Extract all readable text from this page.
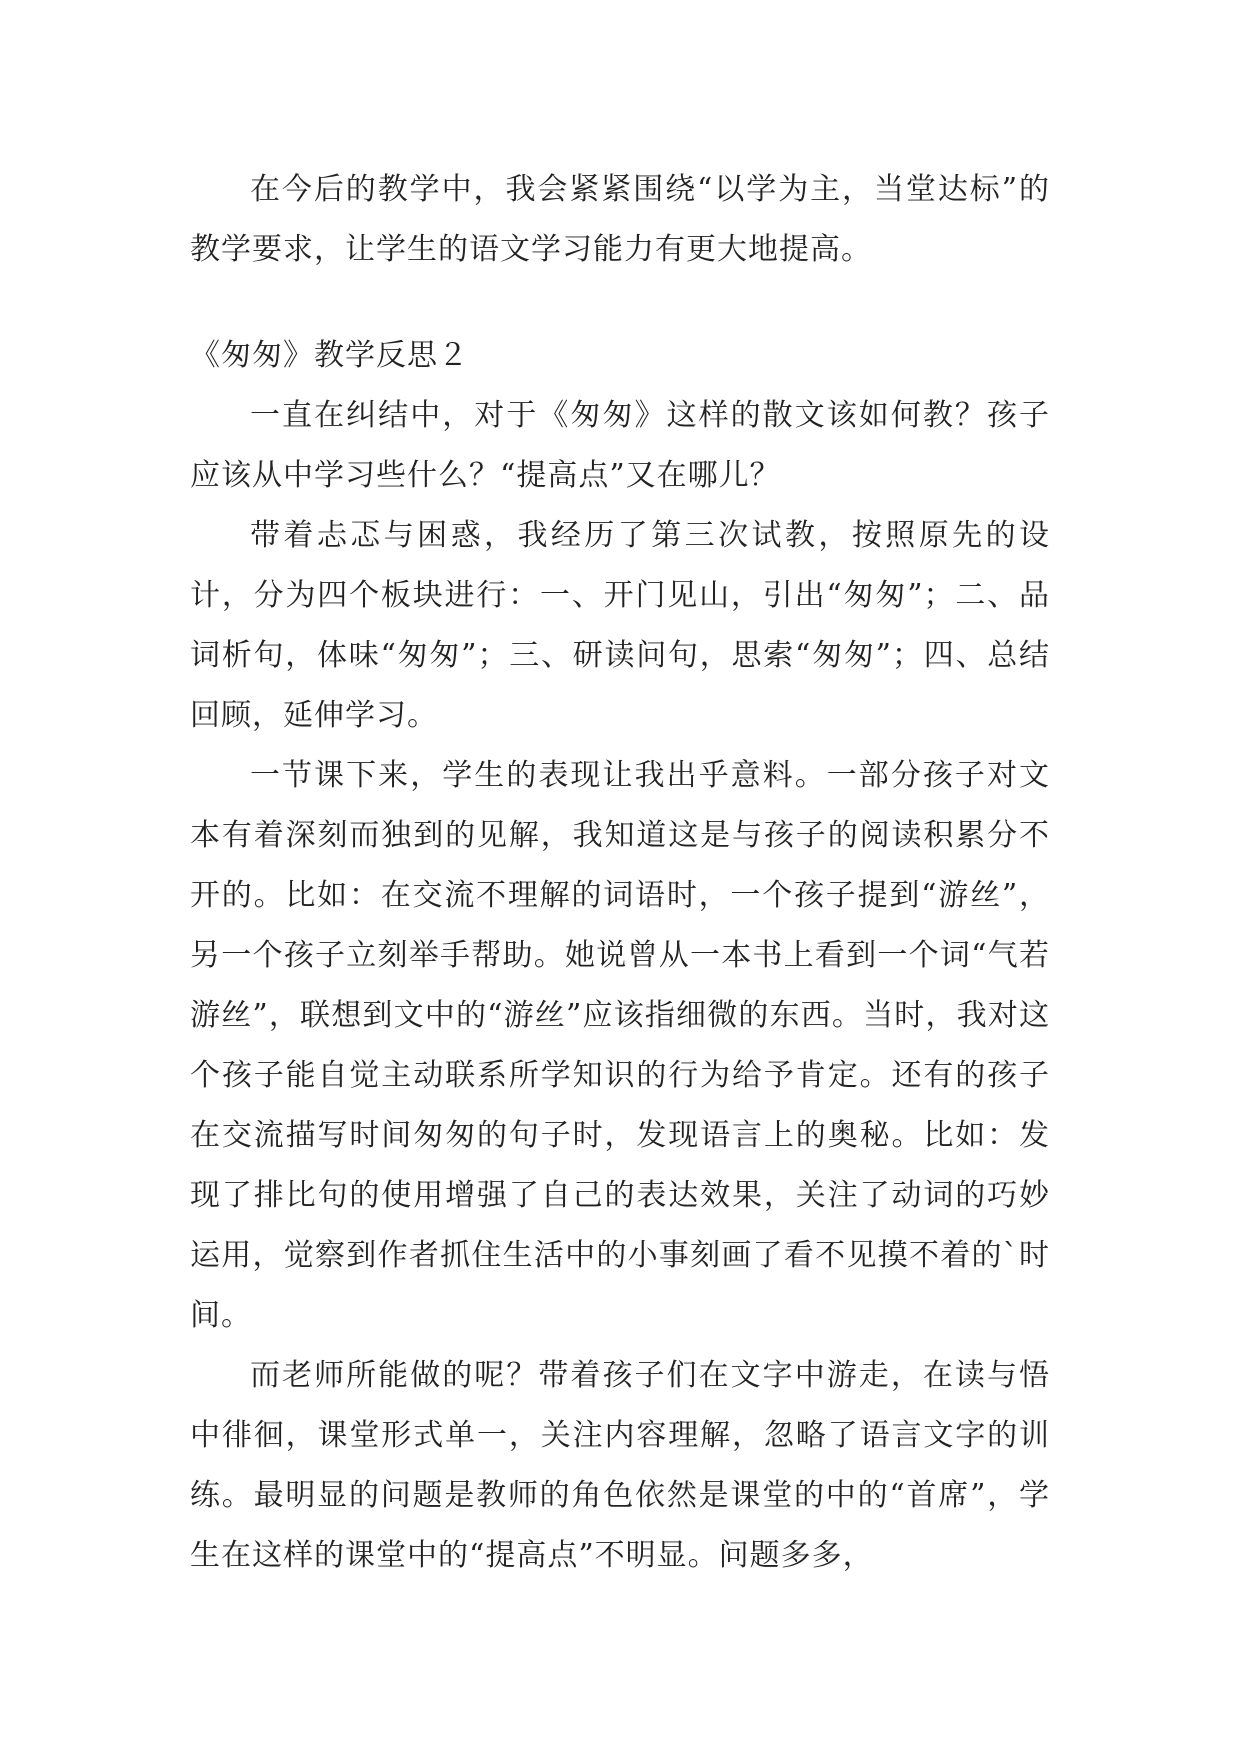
在今后的教学中，我会紧紧围绕“以学为主，当堂达标”的教学要求，让学生的语文学习能力有更大地提高。

《匆匆》教学反思２

一直在纠结中，对于《匆匆》这样的散文该如何教？孩子应该从中学习些什么？“提高点”又在哪儿？

带着忐忑与困惑，我经历了第三次试教，按照原先的设计，分为四个板块进行：一、开门见山，引出“匆匆”；二、品词析句，体味“匆匆”；三、研读问句，思索“匆匆”；四、总结回顾，延伸学习。

一节课下来，学生的表现让我出乎意料。一部分孩子对文本有着深刻而独到的见解，我知道这是与孩子的阅读积累分不开的。比如：在交流不理解的词语时，一个孩子提到“游丝”，另一个孩子立刻举手帮助。她说曾从一本书上看到一个词“气若游丝”，联想到文中的“游丝”应该指细微的东西。当时，我对这个孩子能自觉主动联系所学知识的行为给予肯定。还有的孩子在交流描写时间匆匆的句子时，发现语言上的奥秘。比如：发现了排比句的使用增强了自己的表达效果，关注了动词的巧妙运用，觉察到作者抓住生活中的小事刻画了看不见摸不着的`时间。

而老师所能做的呢？带着孩子们在文字中游走，在读与悟中徘徊，课堂形式单一，关注内容理解，忽略了语言文字的训练。最明显的问题是教师的角色依然是课堂的中的“首席”，学生在这样的课堂中的“提高点”不明显。问题多多，
